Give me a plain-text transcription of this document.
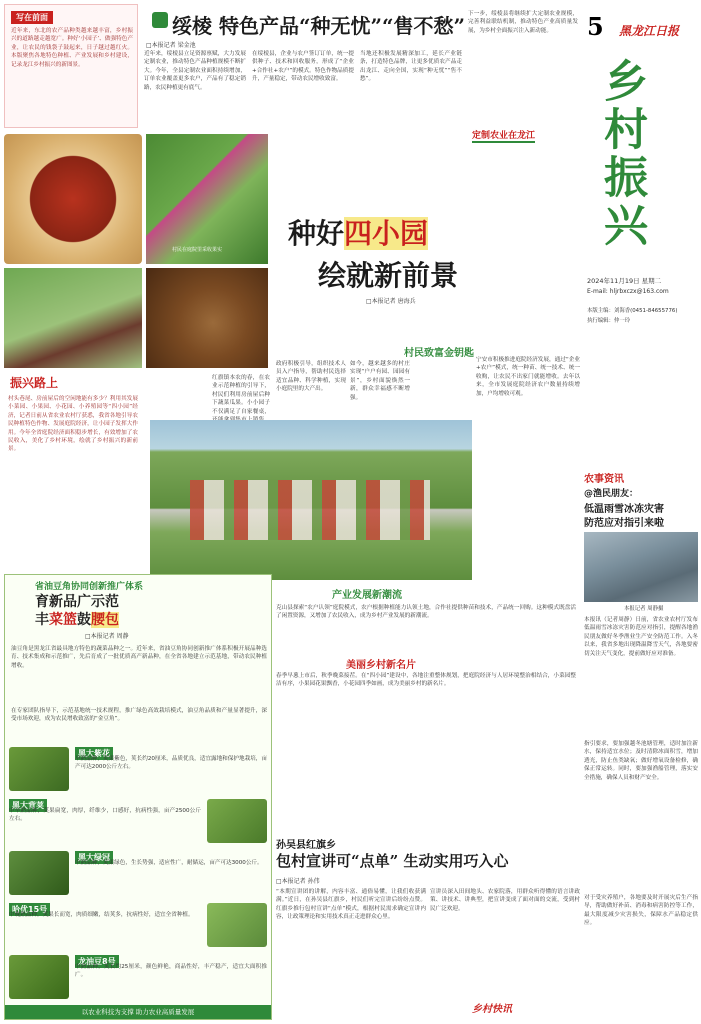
5 黑龙江日报
乡村振兴
2024年11月19日 星期二
E-mail: hljrbxczx@163.com
本版主编：刘海香(0451-84655776)
执行编辑：仲一玲
写在前面
近年来，东北的农产品种类越来越丰富，乡村振兴的道路越走越宽广。种好‘小园子’、做强特色产业，让农民的钱袋子鼓起来，日子越过越红火。本版聚焦各地特色种植、产业发展和乡村建设，记录龙江乡村振兴的新图景。
绥棱 特色产品“种无忧”“售不愁”
□本报记者 梁金池
近年来，绥棱县立足资源禀赋，大力发展定制农业，推动特色产品种植规模不断扩大。今年，全县定制农业面积持续增加，订单农业覆盖更多农户，产品有了稳定销路，农民种植更有底气。
在绥棱县，企业与农户签订订单，统一提供种子、技术和回收服务，形成了“企业+合作社+农户”的模式。特色作物品质提升，产量稳定，带动农民增收致富。
当地还积极发展精深加工，延长产业链条，打造特色品牌，让更多优质农产品走出龙江、走向全国，实现“种无忧”“售不愁”。
下一步，绥棱县将继续扩大定制农业规模，完善利益联结机制，推动特色产业高质量发展，为乡村全面振兴注入新动能。
定制农业在龙江
村民在庭院里采收果实 种好四小园
绘就新前景
□本报记者 唐海兵
村民致富金钥匙
振兴路上
村头巷尾、房前屋后的空闲地能有多少？利用其发展小菜园、小果园、小花园、小养殖园等“四小园”经济，记者日前从省农业农村厅获悉，我省各地引导农民种植特色作物、发展庭院经济，让小园子发挥大作用。今年全省庭院经济面积稳步增长，有效增加了农民收入，美化了乡村环境，绘就了乡村振兴的新前景。
红旗镇本农的春，在农业示范种植的引导下，村民们利用房前屋后种下蔬菜瓜果。小小园子不仅满足了自家餐桌，
政府积极引导，组织技术人员入户指导，帮助村民选择适宜品种、科学种植，实现小庭院里的大产出。
如今，越来越多的村庄实现“户户有园、园园有景”，乡村面貌焕然一新，群众幸福感不断增强。
宁安市积极推进庭院经济发展，通过“企业+农户”模式，统一种苗、统一技术、统一收购，让农民不出家门就能增收。去年以来，全市发展庭院经济农户数量持续增加，户均增收可观。
产业发展新潮流
克山县探索“农户认领”庭院模式，农户根据种植能力认领土地，合作社提供种苗和技术，产品统一回购。这种模式既盘活了闲置资源，又增加了农民收入，成为乡村产业发展的新潮流。
美丽乡村新名片
春季早葱上市后，秋季晚菜接茬。在“四小园”建设中，各地注重整体规划，把庭院经济与人居环境整治相结合，小菜园整洁有序，小果园花果飘香，小花园四季如画，成为美丽乡村的新名片。
省油豆角协同创新推广体系
育新品广示范
丰菜篮鼓腰包
□本报记者 周静
油豆角是黑龙江省最具地方特色的蔬菜品种之一。近年来，省油豆角协同创新推广体系积极开展品种选育、技术集成和示范推广，先后育成了一批优质高产新品种，在全省各地建立示范基地，带动农民种植增收。
在专家团队指导下，示范基地统一技术规程，推广绿色高效栽培模式，油豆角品质和产量显著提升，深受市场欢迎，成为农民增收致富的“金豆角”。
黑大紫花
早熟品种，荚果紫色，荚长约20厘米，品质优良，适宜露地和保护地栽培，亩产可达2000公斤左右。
黑大背荚
中早熟品种，荚果扁宽，肉厚，纤维少，口感好，抗病性强，亩产2500公斤左右。
黑大绿冠
中熟品种，荚果绿色，生长势强，适应性广，耐储运，亩产可达3000公斤。
哈优15号
中晚熟品种，荚果长而宽，肉质细嫩，结荚多，抗病性好，适宜全省种植。
龙油豆8号
中熟品种，荚长约25厘米，颜色鲜艳，商品性好，丰产稳产，适宜大面积推广。
以农业科技为支撑 助力农业高质量发展
孙吴县红旗乡
包村宣讲可“点单” 生动实用巧入心
□本报记者 孙伟
“本期宣讲团的讲解，内容丰富、通俗易懂，让我们收获满满。”近日，在孙吴县红旗乡，村民们听完宣讲后纷纷点赞。红旗乡推行包村宣讲“点单”模式，根据村民需求确定宣讲内容，让政策理论和实用技术真正走进群众心里。
宣讲员深入田间地头、农家院落，用群众听得懂的语言讲政策、讲技术、讲典型，把宣讲变成了面对面的交流，受到村民广泛欢迎。
乡村快讯
农事资讯
@渔民朋友：
低温雨雪冰冻灾害
防范应对指引来啦
本报记者 周静摄
本报讯（记者周静）日前，省农业农村厅发布低温雨雪冰冻灾害防范应对指引，提醒各地渔民朋友做好冬季渔业生产安全防范工作。入冬以来，我省多地出现降温降雪天气，各地要密切关注天气变化，提前做好应对准备。
指引要求，要加强越冬池塘管理，适时加注新水，保持适宜水位；及时清除冰面积雪，增加透光，防止鱼类缺氧；做好增氧设备检修，确保正常运转。同时，要加强渔船管理，落实安全措施，确保人员和财产安全。
对于受灾养殖户，各地要及时开展灾后生产指导，帮助做好补苗、消毒和病害防控等工作，最大限度减少灾害损失，保障水产品稳定供应。
